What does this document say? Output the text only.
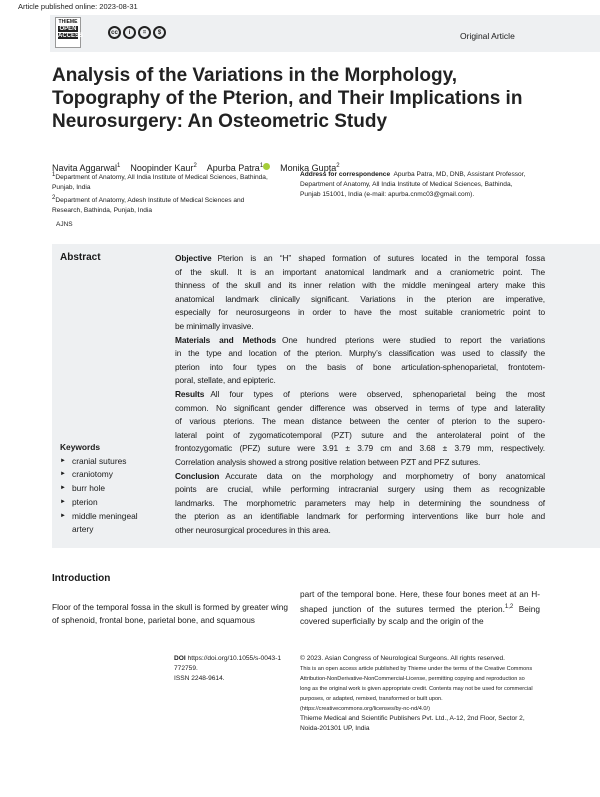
Article published online: 2023-08-31
THIEME
OPEN
ACCESS
cc	i	=	$	Original Article
Analysis of the Variations in the Morphology,
Topography of the Pterion, and Their Implications in
Neurosurgery: An Osteometric Study
Navita Aggarwal$^1$ Noopinder Kaur$^2$ Apurba Patra$^1$	Monika Gupta$^2$
$^1$Department of Anatomy, All India Institute of Medical Sciences, Bathinda, Punjab, India
$^2$Department of Anatomy, Adesh Institute of Medical Sciences and Research, Bathinda, Punjab, India
Address for correspondence Apurba Patra, MD, DNB, Assistant Professor, Department of Anatomy, All India Institute of Medical Sciences, Bathinda, Punjab 151001, India (e-mail: apurba.cnmc03@gmail.com).
AJNS
Abstract	Objective Pterion is an “H” shaped formation of sutures located in the temporal fossa
of the skull. It is an important anatomical landmark and a craniometric point. The
thinness of the skull and its inner relation with the middle meningeal artery make this
anatomical landmark clinically significant. Variations in the pterion are imperative,
especially for neurosurgeons in order to have the most suitable craniometric point to
be minimally invasive.
Materials and Methods One hundred pterions were studied to report the variations
in the type and location of the pterion. Murphy’s classification was used to classify the
pterion into four types on the basis of bone articulation-sphenoparietal, frontotem-
poral, stellate, and epipteric.
Results All four types of pterions were observed, sphenoparietal being the most
common. No significant gender difference was observed in terms of type and laterality
of various pterions. The mean distance between the center of pterion to the supero-
lateral point of zygomaticotemporal (PZT) suture and the anterolateral point of the
frontozygomatic (PFZ) suture were 3.91 ± 3.79 cm and 3.68 ± 3.79 mm, respectively.
Correlation analysis showed a strong positive relation between PZT and PFZ sutures.
Conclusion Accurate data on the morphology and morphometry of bony anatomical
points are crucial, while performing intracranial surgery using them as recognizable
landmarks. The morphometric parameters may help in determining the soundness of
the pterion as an identifiable landmark for performing interventions like burr hole and
other neurosurgical procedures in this area.
Keywords
► cranial sutures
► craniotomy
► burr hole
► pterion
► middle meningeal artery
Introduction
Floor of the temporal fossa in the skull is formed by greater wing of sphenoid, frontal bone, parietal bone, and squamous
part of the temporal bone. Here, these four bones meet at an H-shaped junction of the sutures termed the pterion.$^{1,2}$ Being covered superficially by scalp and the origin of the
DOI https://doi.org/10.1055/s-0043-1772759.
ISSN 2248-9614.
© 2023. Asian Congress of Neurological Surgeons. All rights reserved.
This is an open access article published by Thieme under the terms of the Creative Commons Attribution-NonDerivative-NonCommercial-License, permitting copying and reproduction so long as the original work is given appropriate credit. Contents may not be used for commercial purposes, or adapted, remixed, transformed or built upon. (https://creativecommons.org/licenses/by-nc-nd/4.0/)
Thieme Medical and Scientific Publishers Pvt. Ltd., A-12, 2nd Floor, Sector 2, Noida-201301 UP, India
